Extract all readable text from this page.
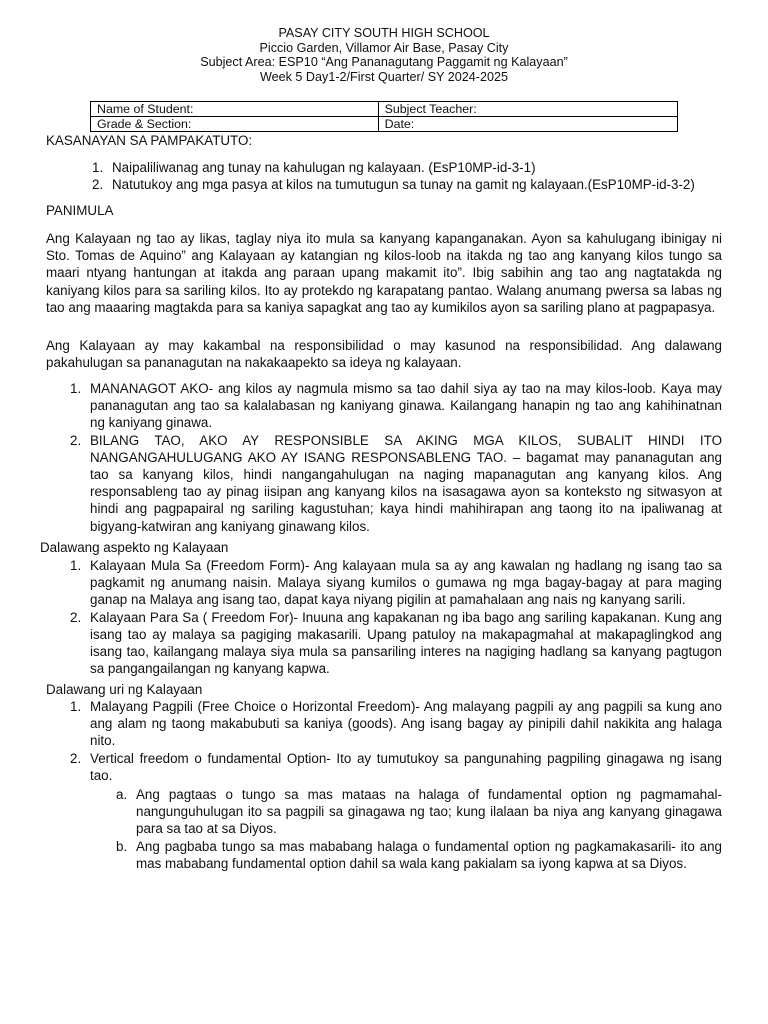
PASAY CITY SOUTH HIGH SCHOOL
Piccio Garden, Villamor Air Base, Pasay City
Subject Area: ESP10 “Ang Pananagutang Paggamit ng Kalayaan”
Week 5 Day1-2/First Quarter/ SY 2024-2025
Name of Student:	Subject Teacher:
Grade & Section:	Date:
KASANAYAN SA PAMPAKATUTO:
1. Naipaliliwanag ang tunay na kahulugan ng kalayaan. (EsP10MP-id-3-1)
2. Natutukoy ang mga pasya at kilos na tumutugun sa tunay na gamit ng kalayaan.(EsP10MP-id-3-2)
PANIMULA
Ang Kalayaan ng tao ay likas, taglay niya ito mula sa kanyang kapanganakan. Ayon sa kahulugang ibinigay ni Sto. Tomas de Aquino” ang Kalayaan ay katangian ng kilos-loob na itakda ng tao ang kanyang kilos tungo sa maari ntyang hantungan at itakda ang paraan upang makamit ito”. Ibig sabihin ang tao ang nagtatakda ng kaniyang kilos para sa sariling kilos. Ito ay protekdo ng karapatang pantao. Walang anumang pwersa sa labas ng tao ang maaaring magtakda para sa kaniya sapagkat ang tao ay kumikilos ayon sa sariling plano at pagpapasya.
Ang Kalayaan ay may kakambal na responsibilidad o may kasunod na responsibilidad. Ang dalawang pakahulugan sa pananagutan na nakakaapekto sa ideya ng kalayaan.
1. MANANAGOT AKO- ang kilos ay nagmula mismo sa tao dahil siya ay tao na may kilos-loob. Kaya may pananagutan ang tao sa kalalabasan ng kaniyang ginawa. Kailangang hanapin ng tao ang kahihinatnan ng kaniyang ginawa.
2. BILANG TAO, AKO AY RESPONSIBLE SA AKING MGA KILOS, SUBALIT HINDI ITO NANGANGAHULUGANG AKO AY ISANG RESPONSABLENG TAO. – bagamat may pananagutan ang tao sa kanyang kilos, hindi nangangahulugan na naging mapanagutan ang kanyang kilos. Ang responsableng tao ay pinag iisipan ang kanyang kilos na isasagawa ayon sa konteksto ng sitwasyon at hindi ang pagpapairal ng sariling kagustuhan; kaya hindi mahihirapan ang taong ito na ipaliwanag at bigyang-katwiran ang kaniyang ginawang kilos.
Dalawang aspekto ng Kalayaan
1. Kalayaan Mula Sa (Freedom Form)- Ang kalayaan mula sa ay ang kawalan ng hadlang ng isang tao sa pagkamit ng anumang naisin. Malaya siyang kumilos o gumawa ng mga bagay-bagay at para maging ganap na Malaya ang isang tao, dapat kaya niyang pigilin at pamahalaan ang nais ng kanyang sarili.
2. Kalayaan Para Sa ( Freedom For)- Inuuna ang kapakanan ng iba bago ang sariling kapakanan. Kung ang isang tao ay malaya sa pagiging makasarili. Upang patuloy na makapagmahal at makapaglingkod ang isang tao, kailangang malaya siya mula sa pansariling interes na nagiging hadlang sa kanyang pagtugon sa pangangailangan ng kanyang kapwa.
Dalawang uri ng Kalayaan
1. Malayang Pagpili (Free Choice o Horizontal Freedom)- Ang malayang pagpili ay ang pagpili sa kung ano ang alam ng taong makabubuti sa kaniya (goods). Ang isang bagay ay pinipili dahil nakikita ang halaga nito.
2. Vertical freedom o fundamental Option- Ito ay tumutukoy sa pangunahing pagpiling ginagawa ng isang tao.
a. Ang pagtaas o tungo sa mas mataas na halaga of fundamental option ng pagmamahal- nangunguhulugan ito sa pagpili sa ginagawa ng tao; kung ilalaan ba niya ang kanyang ginagawa para sa tao at sa Diyos.
b. Ang pagbaba tungo sa mas mababang halaga o fundamental option ng pagkamakasarili- ito ang mas mababang fundamental option dahil sa wala kang pakialam sa iyong kapwa at sa Diyos.
